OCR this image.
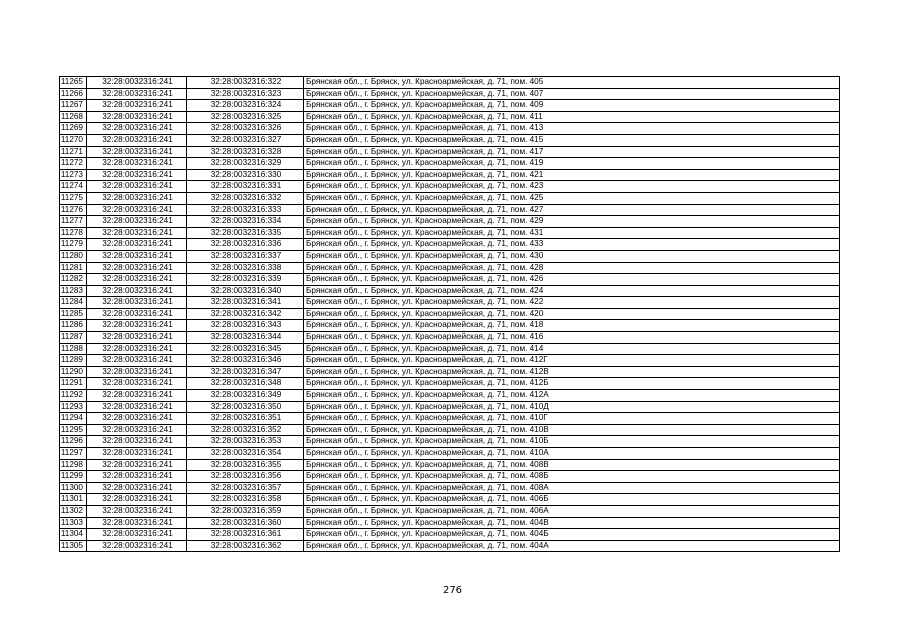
11265	32:28:0032316:241	32:28:0032316:322	Брянская обл., г. Брянск, ул. Красноармейская, д. 71, пом. 405
11266	32:28:0032316:241	32:28:0032316:323	Брянская обл., г. Брянск, ул. Красноармейская, д. 71, пом. 407
11267	32:28:0032316:241	32:28:0032316:324	Брянская обл., г. Брянск, ул. Красноармейская, д. 71, пом. 409
11268	32:28:0032316:241	32:28:0032316:325	Брянская обл., г. Брянск, ул. Красноармейская, д. 71, пом. 411
11269	32:28:0032316:241	32:28:0032316:326	Брянская обл., г. Брянск, ул. Красноармейская, д. 71, пом. 413
11270	32:28:0032316:241	32:28:0032316:327	Брянская обл., г. Брянск, ул. Красноармейская, д. 71, пом. 415
11271	32:28:0032316:241	32:28:0032316:328	Брянская обл., г. Брянск, ул. Красноармейская, д. 71, пом. 417
11272	32:28:0032316:241	32:28:0032316:329	Брянская обл., г. Брянск, ул. Красноармейская, д. 71, пом. 419
11273	32:28:0032316:241	32:28:0032316:330	Брянская обл., г. Брянск, ул. Красноармейская, д. 71, пом. 421
11274	32:28:0032316:241	32:28:0032316:331	Брянская обл., г. Брянск, ул. Красноармейская, д. 71, пом. 423
11275	32:28:0032316:241	32:28:0032316:332	Брянская обл., г. Брянск, ул. Красноармейская, д. 71, пом. 425
11276	32:28:0032316:241	32:28:0032316:333	Брянская обл., г. Брянск, ул. Красноармейская, д. 71, пом. 427
11277	32:28:0032316:241	32:28:0032316:334	Брянская обл., г. Брянск, ул. Красноармейская, д. 71, пом. 429
11278	32:28:0032316:241	32:28:0032316:335	Брянская обл., г. Брянск, ул. Красноармейская, д. 71, пом. 431
11279	32:28:0032316:241	32:28:0032316:336	Брянская обл., г. Брянск, ул. Красноармейская, д. 71, пом. 433
11280	32:28:0032316:241	32:28:0032316:337	Брянская обл., г. Брянск, ул. Красноармейская, д. 71, пом. 430
11281	32:28:0032316:241	32:28:0032316:338	Брянская обл., г. Брянск, ул. Красноармейская, д. 71, пом. 428
11282	32:28:0032316:241	32:28:0032316:339	Брянская обл., г. Брянск, ул. Красноармейская, д. 71, пом. 426
11283	32:28:0032316:241	32:28:0032316:340	Брянская обл., г. Брянск, ул. Красноармейская, д. 71, пом. 424
11284	32:28:0032316:241	32:28:0032316:341	Брянская обл., г. Брянск, ул. Красноармейская, д. 71, пом. 422
11285	32:28:0032316:241	32:28:0032316:342	Брянская обл., г. Брянск, ул. Красноармейская, д. 71, пом. 420
11286	32:28:0032316:241	32:28:0032316:343	Брянская обл., г. Брянск, ул. Красноармейская, д. 71, пом. 418
11287	32:28:0032316:241	32:28:0032316:344	Брянская обл., г. Брянск, ул. Красноармейская, д. 71, пом. 416
11288	32:28:0032316:241	32:28:0032316:345	Брянская обл., г. Брянск, ул. Красноармейская, д. 71, пом. 414
11289	32:28:0032316:241	32:28:0032316:346	Брянская обл., г. Брянск, ул. Красноармейская, д. 71, пом. 412Г
11290	32:28:0032316:241	32:28:0032316:347	Брянская обл., г. Брянск, ул. Красноармейская, д. 71, пом. 412В
11291	32:28:0032316:241	32:28:0032316:348	Брянская обл., г. Брянск, ул. Красноармейская, д. 71, пом. 412Б
11292	32:28:0032316:241	32:28:0032316:349	Брянская обл., г. Брянск, ул. Красноармейская, д. 71, пом. 412А
11293	32:28:0032316:241	32:28:0032316:350	Брянская обл., г. Брянск, ул. Красноармейская, д. 71, пом. 410Д
11294	32:28:0032316:241	32:28:0032316:351	Брянская обл., г. Брянск, ул. Красноармейская, д. 71, пом. 410Г
11295	32:28:0032316:241	32:28:0032316:352	Брянская обл., г. Брянск, ул. Красноармейская, д. 71, пом. 410В
11296	32:28:0032316:241	32:28:0032316:353	Брянская обл., г. Брянск, ул. Красноармейская, д. 71, пом. 410Б
11297	32:28:0032316:241	32:28:0032316:354	Брянская обл., г. Брянск, ул. Красноармейская, д. 71, пом. 410А
11298	32:28:0032316:241	32:28:0032316:355	Брянская обл., г. Брянск, ул. Красноармейская, д. 71, пом. 408В
11299	32:28:0032316:241	32:28:0032316:356	Брянская обл., г. Брянск, ул. Красноармейская, д. 71, пом. 408Б
11300	32:28:0032316:241	32:28:0032316:357	Брянская обл., г. Брянск, ул. Красноармейская, д. 71, пом. 408А
11301	32:28:0032316:241	32:28:0032316:358	Брянская обл., г. Брянск, ул. Красноармейская, д. 71, пом. 406Б
11302	32:28:0032316:241	32:28:0032316:359	Брянская обл., г. Брянск, ул. Красноармейская, д. 71, пом. 406А
11303	32:28:0032316:241	32:28:0032316:360	Брянская обл., г. Брянск, ул. Красноармейская, д. 71, пом. 404В
11304	32:28:0032316:241	32:28:0032316:361	Брянская обл., г. Брянск, ул. Красноармейская, д. 71, пом. 404Б
11305	32:28:0032316:241	32:28:0032316:362	Брянская обл., г. Брянск, ул. Красноармейская, д. 71, пом. 404А
276
